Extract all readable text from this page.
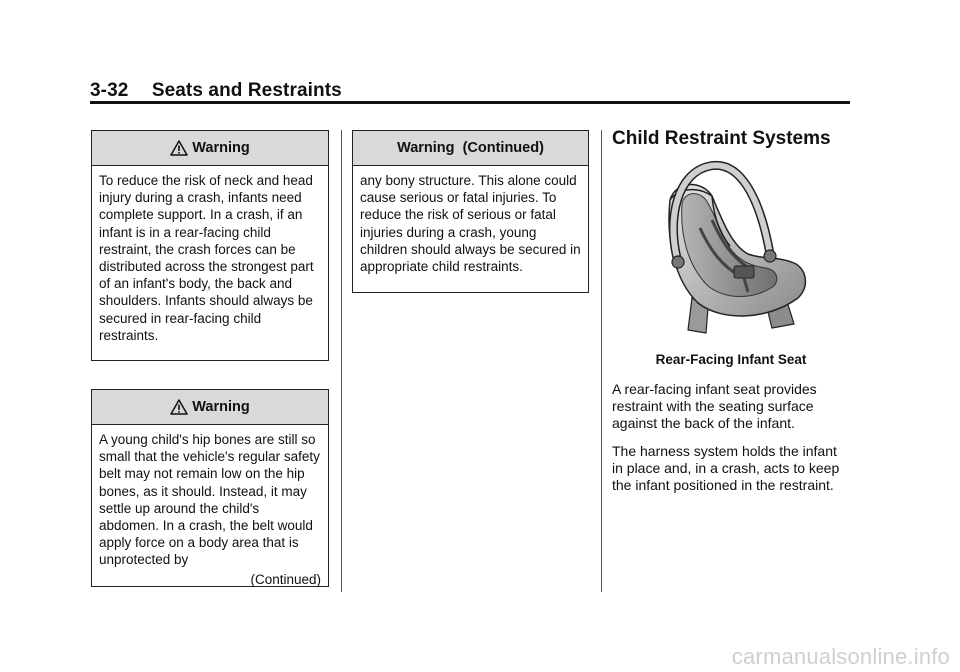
3-32 Seats and Restraints
Warning
To reduce the risk of neck and head injury during a crash, infants need complete support. In a crash, if an infant is in a rear-facing child restraint, the crash forces can be distributed across the strongest part of an infant's body, the back and shoulders. Infants should always be secured in rear-facing child restraints.
Warning
A young child's hip bones are still so small that the vehicle's regular safety belt may not remain low on the hip bones, as it should. Instead, it may settle up around the child's abdomen. In a crash, the belt would apply force on a body area that is unprotected by
(Continued)
Warning  (Continued)
any bony structure. This alone could cause serious or fatal injuries. To reduce the risk of serious or fatal injuries during a crash, young children should always be secured in appropriate child restraints.
Child Restraint Systems
Rear-Facing Infant Seat

A rear-facing infant seat provides restraint with the seating surface against the back of the infant.

The harness system holds the infant in place and, in a crash, acts to keep the infant positioned in the restraint.

carmanualsonline.info
